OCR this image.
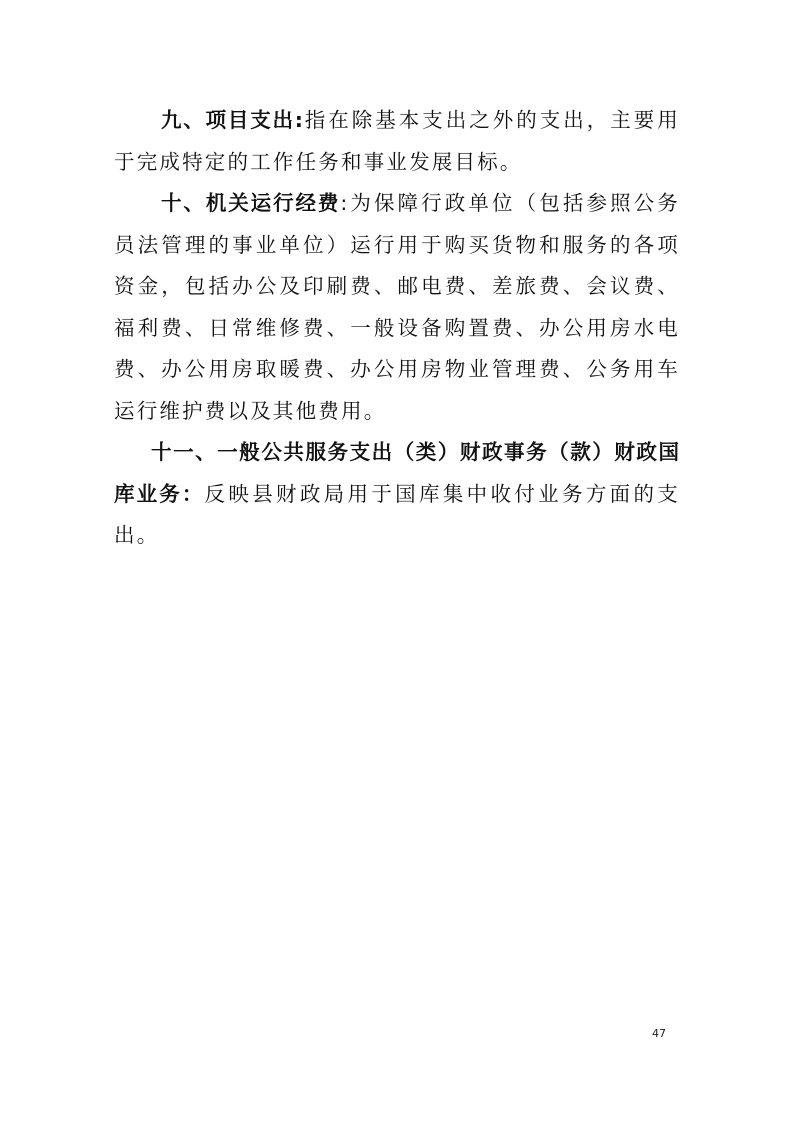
九、项目支出:指在除基本支出之外的支出，主要用于完成特定的工作任务和事业发展目标。

十、机关运行经费:为保障行政单位（包括参照公务员法管理的事业单位）运行用于购买货物和服务的各项资金，包括办公及印刷费、邮电费、差旅费、会议费、福利费、日常维修费、一般设备购置费、办公用房水电费、办公用房取暖费、办公用房物业管理费、公务用车运行维护费以及其他费用。

十一、一般公共服务支出（类）财政事务（款）财政国库业务：反映县财政局用于国库集中收付业务方面的支出。

47
